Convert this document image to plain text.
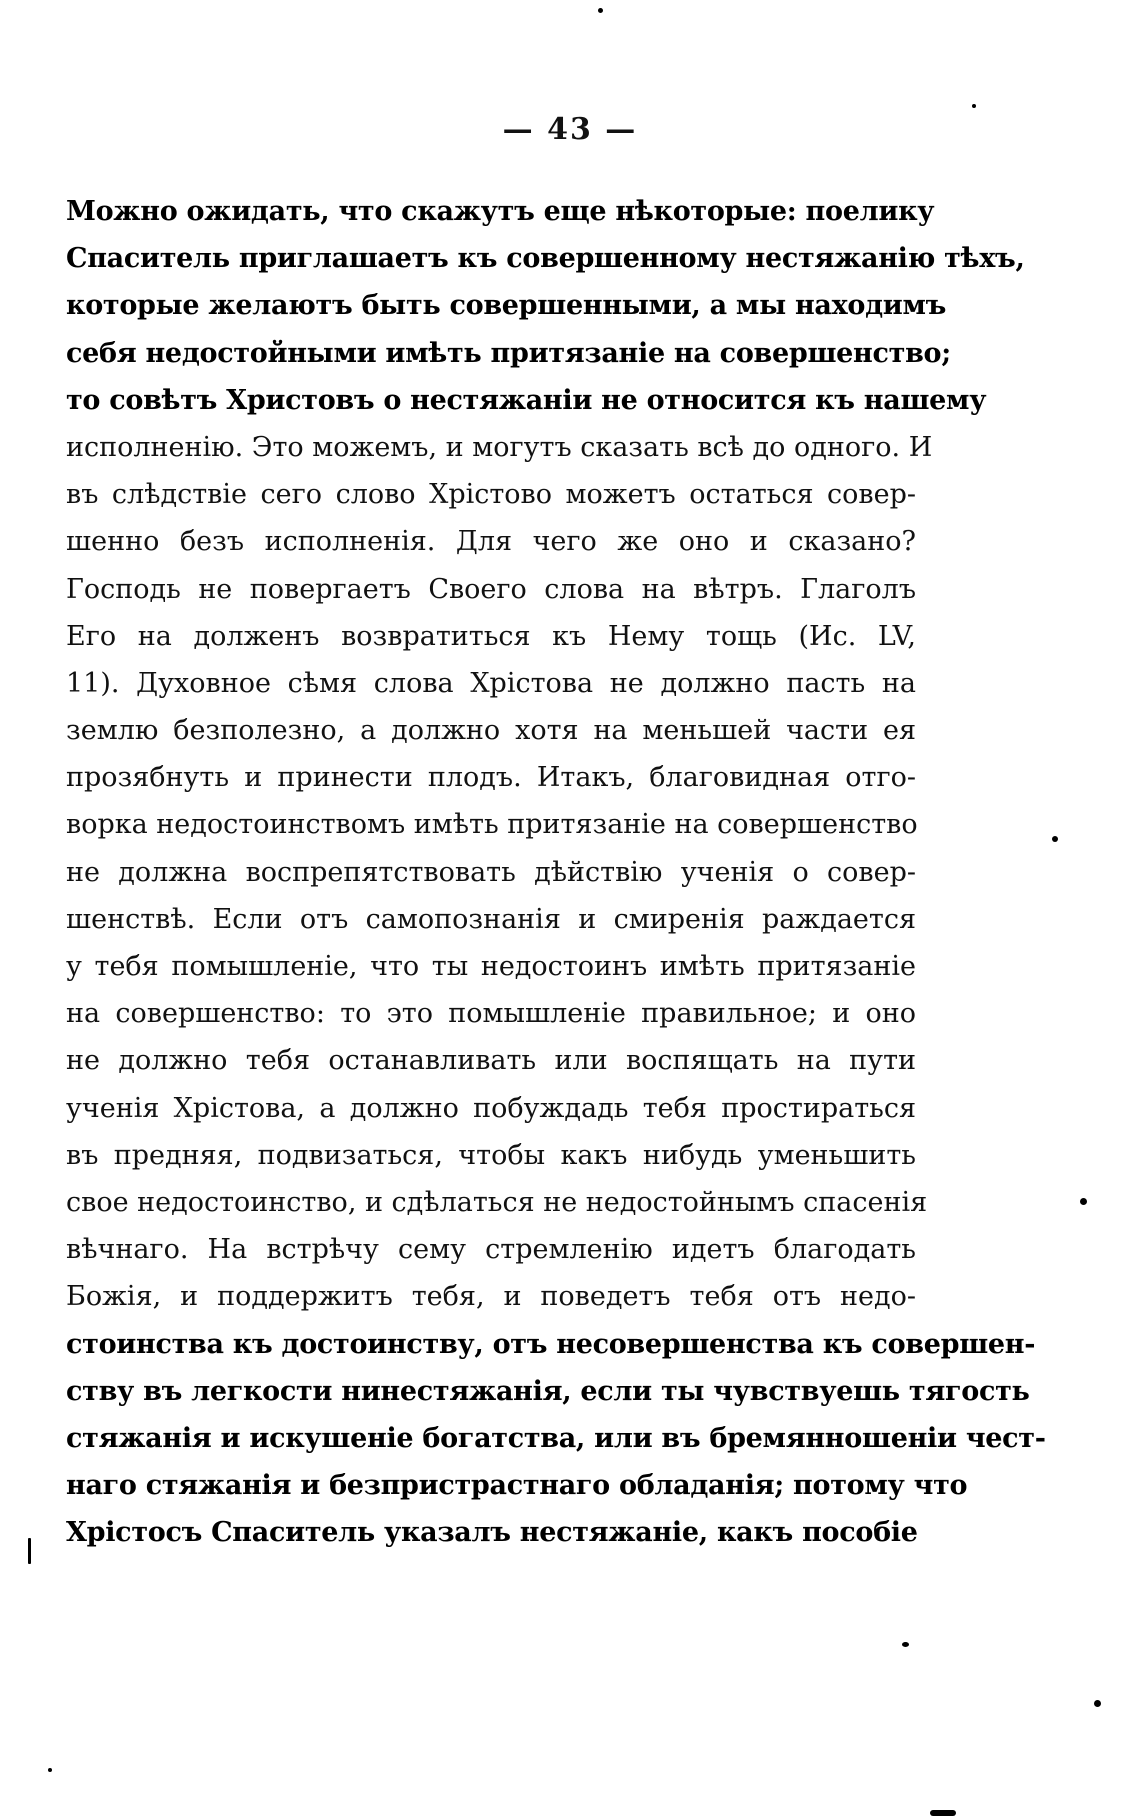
— 43 —
Можно ожидать, что скажутъ еще нѣкоторые: поелику
Спаситель приглашаетъ къ совершенному нестяжанію тѣхъ,
которые желаютъ быть совершенными, а мы находимъ
себя недостойными имѣть притязаніе на совершенство;
то совѣтъ Христовъ о нестяжаніи не относится къ нашему
исполненію. Это можемъ, и могутъ сказать всѣ до одного. И
въ слѣдствіе сего слово Хрістово можетъ остаться совер-
шенно безъ исполненія. Для чего же оно и сказано?
Господь не повергаетъ Своего слова на вѣтръ. Глаголъ
Его на долженъ возвратиться къ Нему тощь (Ис. LV,
11). Духовное сѣмя слова Хрістова не должно пасть на
землю безполезно, а должно хотя на меньшей части ея
прозябнуть и принести плодъ. Итакъ, благовидная отго-
ворка недостоинствомъ имѣть притязаніе на совершенство
не должна воспрепятствовать дѣйствію ученія о совер-
шенствѣ. Если отъ самопознанія и смиренія раждается
у тебя помышленіе, что ты недостоинъ имѣть притязаніе
на совершенство: то это помышленіе правильное; и оно
не должно тебя останавливать или воспящать на пути
ученія Хрістова, а должно побуждадь тебя простираться
въ предняя, подвизаться, чтобы какъ нибудь уменьшить
свое недостоинство, и сдѣлаться не недостойнымъ спасенія
вѣчнаго. На встрѣчу сему стремленію идетъ благодать
Божія, и поддержитъ тебя, и поведетъ тебя отъ недо-
стоинства къ достоинству, отъ несовершенства къ совершен-
ству въ легкости нинестяжанія, если ты чувствуешь тягость
стяжанія и искушеніе богатства, или въ бремянношеніи чест-
наго стяжанія и безпристрастнаго обладанія; потому что
Хрістосъ Спаситель указалъ нестяжаніе, какъ пособіе
